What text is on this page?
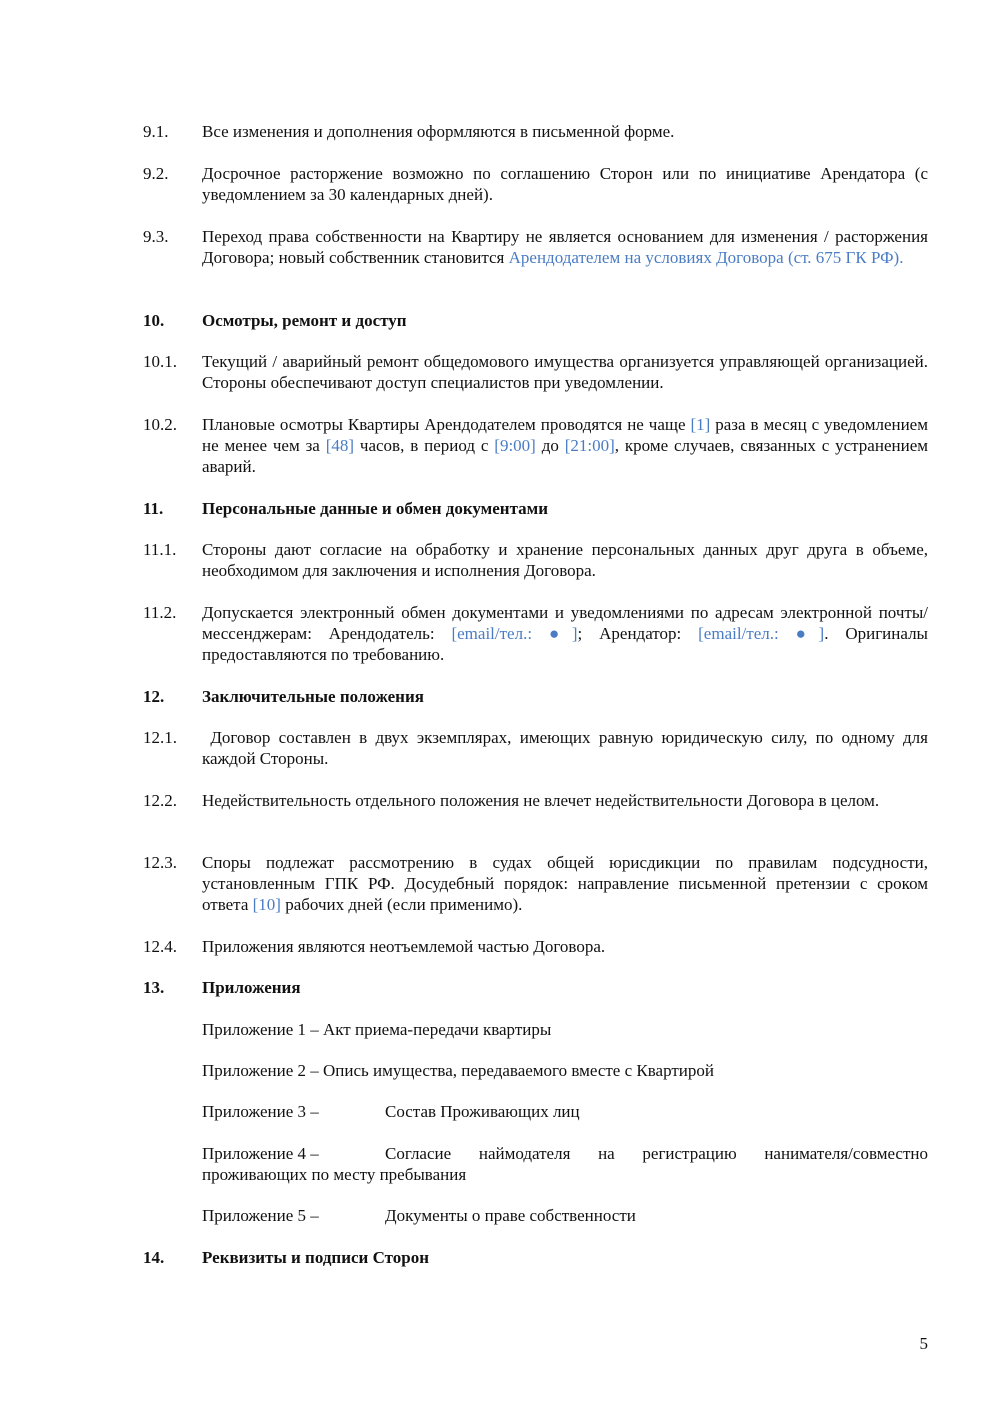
9.1.	Все изменения и дополнения оформляются в письменной форме.
9.2.	Досрочное расторжение возможно по соглашению Сторон или по инициативе Арендатора (с уведомлением за 30 календарных дней).
9.3.	Переход права собственности на Квартиру не является основанием для изменения / расторжения Договора; новый собственник становится Арендодателем на условиях Договора (ст. 675 ГК РФ).
10.	Осмотры, ремонт и доступ
10.1.	Текущий / аварийный ремонт общедомового имущества организуется управляющей организацией. Стороны обеспечивают доступ специалистов при уведомлении.
10.2.	Плановые осмотры Квартиры Арендодателем проводятся не чаще [1] раза в месяц с уведомлением не менее чем за [48] часов, в период с [9:00] до [21:00], кроме случаев, связанных с устранением аварий.
11.	Персональные данные и обмен документами
11.1.	Стороны дают согласие на обработку и хранение персональных данных друг друга в объеме, необходимом для заключения и исполнения Договора.
11.2.	Допускается электронный обмен документами и уведомлениями по адресам электронной почты/мессенджерам: Арендодатель: [email/тел.: ●]; Арендатор: [email/тел.: ●]. Оригиналы предоставляются по требованию.
12.	Заключительные положения
12.1.	Договор составлен в двух экземплярах, имеющих равную юридическую силу, по одному для каждой Стороны.
12.2.	Недействительность отдельного положения не влечет недействительности Договора в целом.
12.3.	Споры подлежат рассмотрению в судах общей юрисдикции по правилам подсудности, установленным ГПК РФ. Досудебный порядок: направление письменной претензии с сроком ответа [10] рабочих дней (если применимо).
12.4.	Приложения являются неотъемлемой частью Договора.
13.	Приложения
Приложение 1 – Акт приема-передачи квартиры
Приложение 2 – Опись имущества, передаваемого вместе с Квартирой
Приложение 3 –	Состав Проживающих лиц
Приложение 4 –	Согласие наймодателя на регистрацию нанимателя/совместно проживающих по месту пребывания
Приложение 5 –	Документы о праве собственности
14.	Реквизиты и подписи Сторон
5
